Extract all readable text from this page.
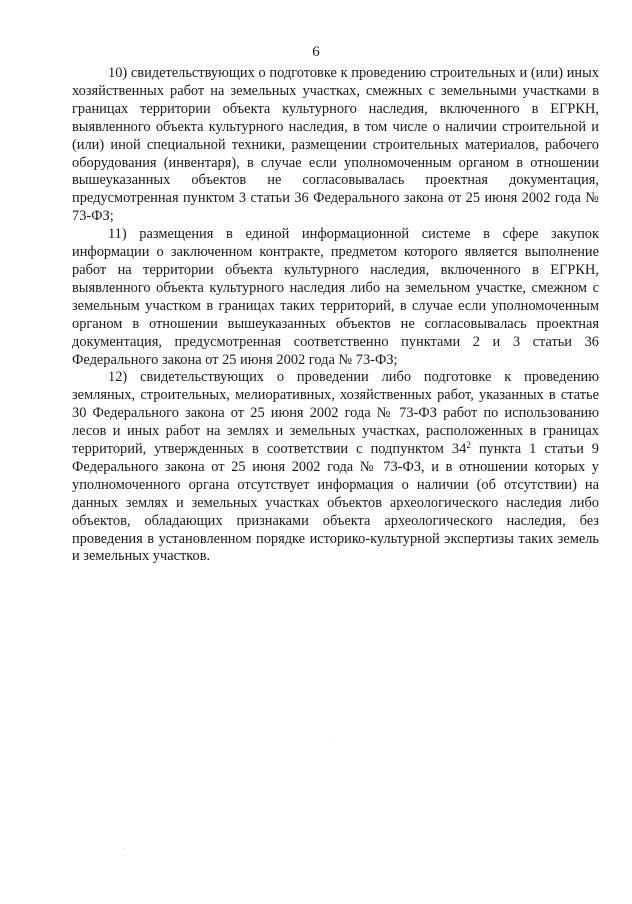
6

10) свидетельствующих о подготовке к проведению строительных и (или) иных хозяйственных работ на земельных участках, смежных с земельными участками в границах территории объекта культурного наследия, включенного в ЕГРКН, выявленного объекта культурного наследия, в том числе о наличии строительной и (или) иной специальной техники, размещении строительных материалов, рабочего оборудования (инвентаря), в случае если уполномоченным органом в отношении вышеуказанных объектов не согласовывалась проектная документация, предусмотренная пунктом 3 статьи 36 Федерального закона от 25 июня 2002 года № 73-ФЗ;

11) размещения в единой информационной системе в сфере закупок информации о заключенном контракте, предметом которого является выполнение работ на территории объекта культурного наследия, включенного в ЕГРКН, выявленного объекта культурного наследия либо на земельном участке, смежном с земельным участком в границах таких территорий, в случае если уполномоченным органом в отношении вышеуказанных объектов не согласовывалась проектная документация, предусмотренная соответственно пунктами 2 и 3 статьи 36 Федерального закона от 25 июня 2002 года № 73-ФЗ;

12) свидетельствующих о проведении либо подготовке к проведению земляных, строительных, мелиоративных, хозяйственных работ, указанных в статье 30 Федерального закона от 25 июня 2002 года № 73-ФЗ работ по использованию лесов и иных работ на землях и земельных участках, расположенных в границах территорий, утвержденных в соответствии с подпунктом $34^2$ пункта 1 статьи 9 Федерального закона от 25 июня 2002 года № 73-ФЗ, и в отношении которых у уполномоченного органа отсутствует информация о наличии (об отсутствии) на данных землях и земельных участках объектов археологического наследия либо объектов, обладающих признаками объекта археологического наследия, без проведения в установленном порядке историко-культурной экспертизы таких земель и земельных участков.
